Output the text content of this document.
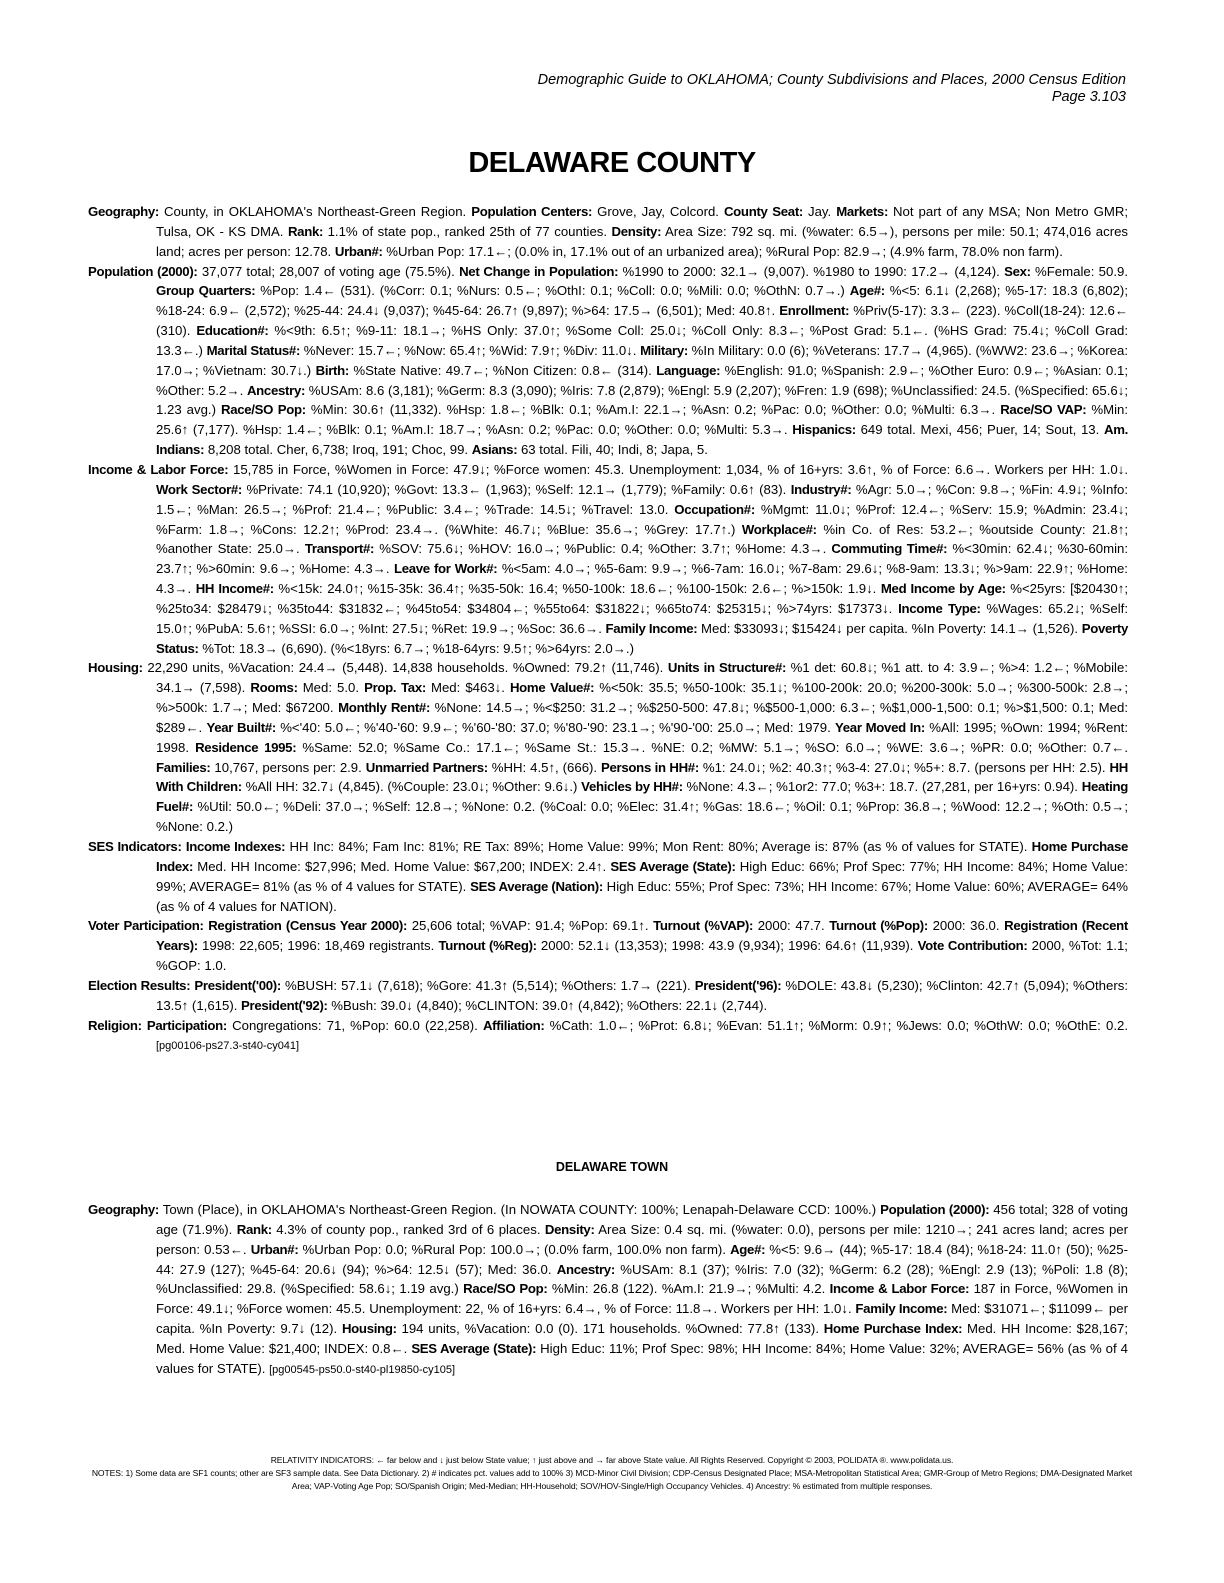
Demographic Guide to OKLAHOMA; County Subdivisions and Places, 2000 Census Edition
Page 3.103
DELAWARE COUNTY

Geography: County, in OKLAHOMA's Northeast-Green Region. Population Centers: Grove, Jay, Colcord. County Seat: Jay. Markets: Not part of any MSA; Non Metro GMR; Tulsa, OK - KS DMA. Rank: 1.1% of state pop., ranked 25th of 77 counties. Density: Area Size: 792 sq. mi. (%water: 6.5→), persons per mile: 50.1; 474,016 acres land; acres per person: 12.78. Urban#: %Urban Pop: 17.1←; (0.0% in, 17.1% out of an urbanized area); %Rural Pop: 82.9→; (4.9% farm, 78.0% non farm).

Population (2000): 37,077 total; 28,007 of voting age (75.5%). Net Change in Population: %1990 to 2000: 32.1→ (9,007). %1980 to 1990: 17.2→ (4,124). Sex: %Female: 50.9. Group Quarters: %Pop: 1.4← (531). (%Corr: 0.1; %Nurs: 0.5←; %OthI: 0.1; %Coll: 0.0; %Mili: 0.0; %OthN: 0.7→.) Age#: %<5: 6.1↓ (2,268); %5-17: 18.3 (6,802); %18-24: 6.9← (2,572); %25-44: 24.4↓ (9,037); %45-64: 26.7↑ (9,897); %>64: 17.5→ (6,501); Med: 40.8↑. Enrollment: %Priv(5-17): 3.3← (223). %Coll(18-24): 12.6← (310). Education#: %<9th: 6.5↑; %9-11: 18.1→; %HS Only: 37.0↑; %Some Coll: 25.0↓; %Coll Only: 8.3←; %Post Grad: 5.1←. (%HS Grad: 75.4↓; %Coll Grad: 13.3←.) Marital Status#: %Never: 15.7←; %Now: 65.4↑; %Wid: 7.9↑; %Div: 11.0↓. Military: %In Military: 0.0 (6); %Veterans: 17.7→ (4,965). (%WW2: 23.6→; %Korea: 17.0→; %Vietnam: 30.7↓.) Birth: %State Native: 49.7←; %Non Citizen: 0.8← (314). Language: %English: 91.0; %Spanish: 2.9←; %Other Euro: 0.9←; %Asian: 0.1; %Other: 5.2→. Ancestry: %USAm: 8.6 (3,181); %Germ: 8.3 (3,090); %Iris: 7.8 (2,879); %Engl: 5.9 (2,207); %Fren: 1.9 (698); %Unclassified: 24.5. (%Specified: 65.6↓; 1.23 avg.) Race/SO Pop: %Min: 30.6↑ (11,332). %Hsp: 1.8←; %Blk: 0.1; %Am.I: 22.1→; %Asn: 0.2; %Pac: 0.0; %Other: 0.0; %Multi: 6.3→. Race/SO VAP: %Min: 25.6↑ (7,177). %Hsp: 1.4←; %Blk: 0.1; %Am.I: 18.7→; %Asn: 0.2; %Pac: 0.0; %Other: 0.0; %Multi: 5.3→. Hispanics: 649 total. Mexi, 456; Puer, 14; Sout, 13. Am. Indians: 8,208 total. Cher, 6,738; Iroq, 191; Choc, 99. Asians: 63 total. Fili, 40; Indi, 8; Japa, 5.

Income & Labor Force: 15,785 in Force, %Women in Force: 47.9↓; %Force women: 45.3. Unemployment: 1,034, % of 16+yrs: 3.6↑, % of Force: 6.6→. Workers per HH: 1.0↓. Work Sector#: %Private: 74.1 (10,920); %Govt: 13.3← (1,963); %Self: 12.1→ (1,779); %Family: 0.6↑ (83). Industry#: %Agr: 5.0→; %Con: 9.8→; %Fin: 4.9↓; %Info: 1.5←; %Man: 26.5→; %Prof: 21.4←; %Public: 3.4←; %Trade: 14.5↓; %Travel: 13.0. Occupation#: %Mgmt: 11.0↓; %Prof: 12.4←; %Serv: 15.9; %Admin: 23.4↓; %Farm: 1.8→; %Cons: 12.2↑; %Prod: 23.4→. (%White: 46.7↓; %Blue: 35.6→; %Grey: 17.7↑.) Workplace#: %in Co. of Res: 53.2←; %outside County: 21.8↑; %another State: 25.0→. Transport#: %SOV: 75.6↓; %HOV: 16.0→; %Public: 0.4; %Other: 3.7↑; %Home: 4.3→. Commuting Time#: %<30min: 62.4↓; %30-60min: 23.7↑; %>60min: 9.6→; %Home: 4.3→. Leave for Work#: %<5am: 4.0→; %5-6am: 9.9→; %6-7am: 16.0↓; %7-8am: 29.6↓; %8-9am: 13.3↓; %>9am: 22.9↑; %Home: 4.3→. HH Income#: %<15k: 24.0↑; %15-35k: 36.4↑; %35-50k: 16.4; %50-100k: 18.6←; %100-150k: 2.6←; %>150k: 1.9↓. Med Income by Age: %<25yrs: [$20430↑; %25to34: $28479↓; %35to44: $31832←; %45to54: $34804←; %55to64: $31822↓; %65to74: $25315↓; %>74yrs: $17373↓. Income Type: %Wages: 65.2↓; %Self: 15.0↑; %PubA: 5.6↑; %SSI: 6.0→; %Int: 27.5↓; %Ret: 19.9→; %Soc: 36.6→. Family Income: Med: $33093↓; $15424↓ per capita. %In Poverty: 14.1→ (1,526). Poverty Status: %Tot: 18.3→ (6,690). (%<18yrs: 6.7→; %18-64yrs: 9.5↑; %>64yrs: 2.0→.)

Housing: 22,290 units, %Vacation: 24.4→ (5,448). 14,838 households. %Owned: 79.2↑ (11,746). Units in Structure#: %1 det: 60.8↓; %1 att. to 4: 3.9←; %>4: 1.2←; %Mobile: 34.1→ (7,598). Rooms: Med: 5.0. Prop. Tax: Med: $463↓. Home Value#: %<50k: 35.5; %50-100k: 35.1↓; %100-200k: 20.0; %200-300k: 5.0→; %300-500k: 2.8→; %>500k: 1.7→; Med: $67200. Monthly Rent#: %None: 14.5→; %<$250: 31.2→; %$250-500: 47.8↓; %$500-1,000: 6.3←; %$1,000-1,500: 0.1; %>$1,500: 0.1; Med: $289←. Year Built#: %<'40: 5.0←; %'40-'60: 9.9←; %'60-'80: 37.0; %'80-'90: 23.1→; %'90-'00: 25.0→; Med: 1979. Year Moved In: %All: 1995; %Own: 1994; %Rent: 1998. Residence 1995: %Same: 52.0; %Same Co.: 17.1←; %Same St.: 15.3→. %NE: 0.2; %MW: 5.1→; %SO: 6.0→; %WE: 3.6→; %PR: 0.0; %Other: 0.7←. Families: 10,767, persons per: 2.9. Unmarried Partners: %HH: 4.5↑, (666). Persons in HH#: %1: 24.0↓; %2: 40.3↑; %3-4: 27.0↓; %5+: 8.7. (persons per HH: 2.5). HH With Children: %All HH: 32.7↓ (4,845). (%Couple: 23.0↓; %Other: 9.6↓.) Vehicles by HH#: %None: 4.3←; %1or2: 77.0; %3+: 18.7. (27,281, per 16+yrs: 0.94). Heating Fuel#: %Util: 50.0←; %Deli: 37.0→; %Self: 12.8→; %None: 0.2. (%Coal: 0.0; %Elec: 31.4↑; %Gas: 18.6←; %Oil: 0.1; %Prop: 36.8→; %Wood: 12.2→; %Oth: 0.5→; %None: 0.2.)

SES Indicators: Income Indexes: HH Inc: 84%; Fam Inc: 81%; RE Tax: 89%; Home Value: 99%; Mon Rent: 80%; Average is: 87% (as % of values for STATE). Home Purchase Index: Med. HH Income: $27,996; Med. Home Value: $67,200; INDEX: 2.4↑. SES Average (State): High Educ: 66%; Prof Spec: 77%; HH Income: 84%; Home Value: 99%; AVERAGE= 81% (as % of 4 values for STATE). SES Average (Nation): High Educ: 55%; Prof Spec: 73%; HH Income: 67%; Home Value: 60%; AVERAGE= 64% (as % of 4 values for NATION).

Voter Participation: Registration (Census Year 2000): 25,606 total; %VAP: 91.4; %Pop: 69.1↑. Turnout (%VAP): 2000: 47.7. Turnout (%Pop): 2000: 36.0. Registration (Recent Years): 1998: 22,605; 1996: 18,469 registrants. Turnout (%Reg): 2000: 52.1↓ (13,353); 1998: 43.9 (9,934); 1996: 64.6↑ (11,939). Vote Contribution: 2000, %Tot: 1.1; %GOP: 1.0.

Election Results: President('00): %BUSH: 57.1↓ (7,618); %Gore: 41.3↑ (5,514); %Others: 1.7→ (221). President('96): %DOLE: 43.8↓ (5,230); %Clinton: 42.7↑ (5,094); %Others: 13.5↑ (1,615). President('92): %Bush: 39.0↓ (4,840); %CLINTON: 39.0↑ (4,842); %Others: 22.1↓ (2,744).

Religion: Participation: Congregations: 71, %Pop: 60.0 (22,258). Affiliation: %Cath: 1.0←; %Prot: 6.8↓; %Evan: 51.1↑; %Morm: 0.9↑; %Jews: 0.0; %OthW: 0.0; %OthE: 0.2. [pg00106-ps27.3-st40-cy041]

DELAWARE TOWN

Geography: Town (Place), in OKLAHOMA's Northeast-Green Region. (In NOWATA COUNTY: 100%; Lenapah-Delaware CCD: 100%.) Population (2000): 456 total; 328 of voting age (71.9%). Rank: 4.3% of county pop., ranked 3rd of 6 places. Density: Area Size: 0.4 sq. mi. (%water: 0.0), persons per mile: 1210→; 241 acres land; acres per person: 0.53←. Urban#: %Urban Pop: 0.0; %Rural Pop: 100.0→; (0.0% farm, 100.0% non farm). Age#: %<5: 9.6→ (44); %5-17: 18.4 (84); %18-24: 11.0↑ (50); %25-44: 27.9 (127); %45-64: 20.6↓ (94); %>64: 12.5↓ (57); Med: 36.0. Ancestry: %USAm: 8.1 (37); %Iris: 7.0 (32); %Germ: 6.2 (28); %Engl: 2.9 (13); %Poli: 1.8 (8); %Unclassified: 29.8. (%Specified: 58.6↓; 1.19 avg.) Race/SO Pop: %Min: 26.8 (122). %Am.I: 21.9→; %Multi: 4.2. Income & Labor Force: 187 in Force, %Women in Force: 49.1↓; %Force women: 45.5. Unemployment: 22, % of 16+yrs: 6.4→, % of Force: 11.8→. Workers per HH: 1.0↓. Family Income: Med: $31071←; $11099← per capita. %In Poverty: 9.7↓ (12). Housing: 194 units, %Vacation: 0.0 (0). 171 households. %Owned: 77.8↑ (133). Home Purchase Index: Med. HH Income: $28,167; Med. Home Value: $21,400; INDEX: 0.8←. SES Average (State): High Educ: 11%; Prof Spec: 98%; HH Income: 84%; Home Value: 32%; AVERAGE= 56% (as % of 4 values for STATE). [pg00545-ps50.0-st40-pl19850-cy105]

RELATIVITY INDICATORS: ← far below and ↓ just below State value; ↑ just above and → far above State value. All Rights Reserved. Copyright © 2003, POLIDATA ®. www.polidata.us.
NOTES: 1) Some data are SF1 counts; other are SF3 sample data. See Data Dictionary. 2) # indicates pct. values add to 100% 3) MCD-Minor Civil Division; CDP-Census Designated Place; MSA-Metropolitan Statistical Area; GMR-Group of Metro Regions; DMA-Designated Market Area; VAP-Voting Age Pop; SO/Spanish Origin; Med-Median; HH-Household; SOV/HOV-Single/High Occupancy Vehicles. 4) Ancestry: % estimated from multiple responses.
